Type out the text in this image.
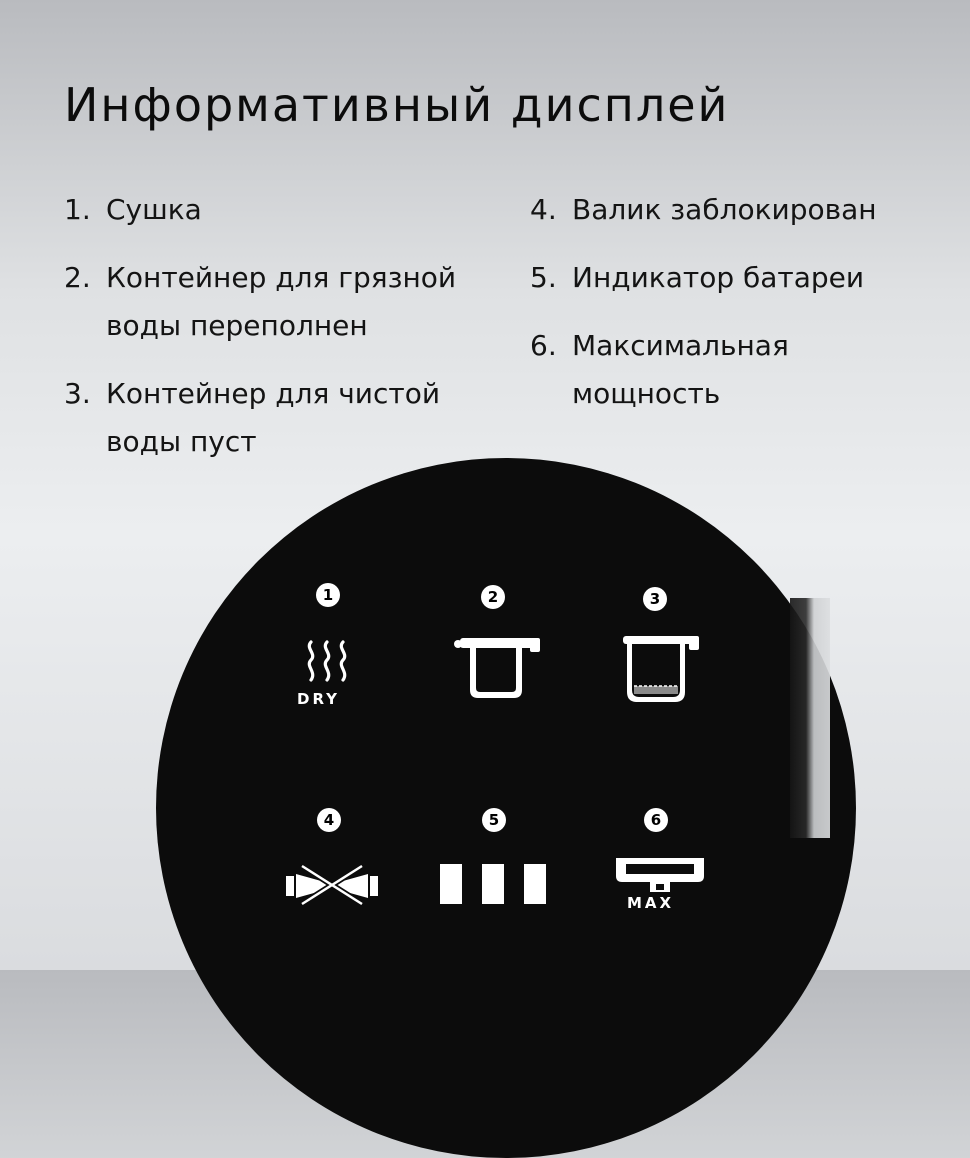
Информативный дисплей
1. Сушка
2. Контейнер для грязной воды переполнен
3. Контейнер для чистой воды пуст
4. Валик заблокирован
5. Индикатор батареи
6. Максимальная мощность
1	2	3
DRY
4	5	6
MAX
